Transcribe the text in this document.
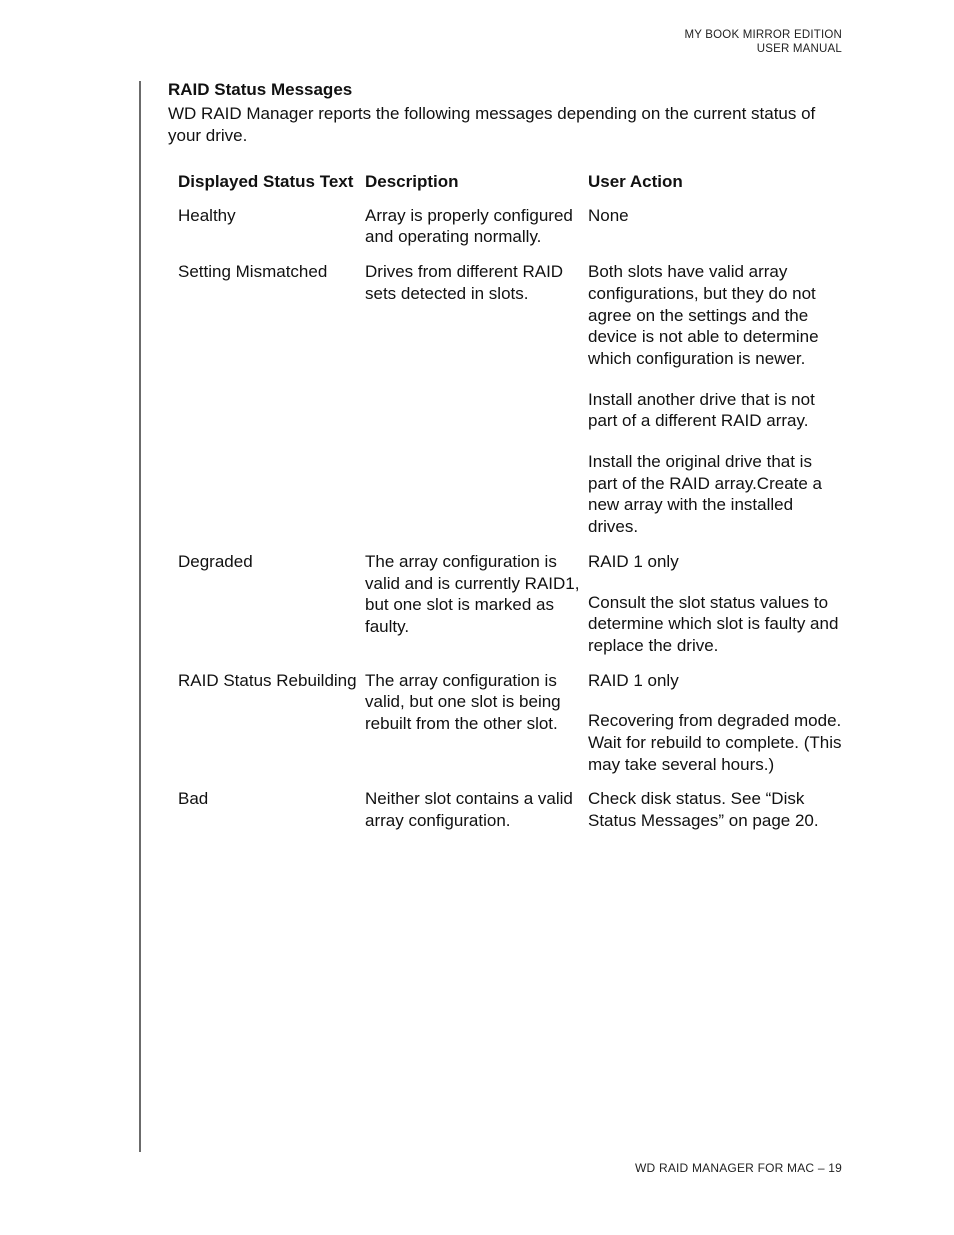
MY BOOK MIRROR EDITION
USER MANUAL
RAID Status Messages

WD RAID Manager reports the following messages depending on the current status of your drive.

Displayed Status Text	Description	User Action
Healthy	Array is properly configured and operating normally.	None

Setting Mismatched	Drives from different RAID sets detected in slots.	Both slots have valid array configurations, but they do not agree on the settings and the device is not able to determine which configuration is newer.

Install another drive that is not part of a different RAID array.

Install the original drive that is part of the RAID array.Create a new array with the installed drives.

Degraded	The array configuration is valid and is currently RAID1, but one slot is marked as faulty.	RAID 1 only

Consult the slot status values to determine which slot is faulty and replace the drive.

RAID Status Rebuilding	The array configuration is valid, but one slot is being rebuilt from the other slot.	RAID 1 only

Recovering from degraded mode. Wait for rebuild to complete. (This may take several hours.)

Bad	Neither slot contains a valid array configuration.	Check disk status. See “Disk Status Messages” on page 20.

WD RAID MANAGER FOR MAC – 19
